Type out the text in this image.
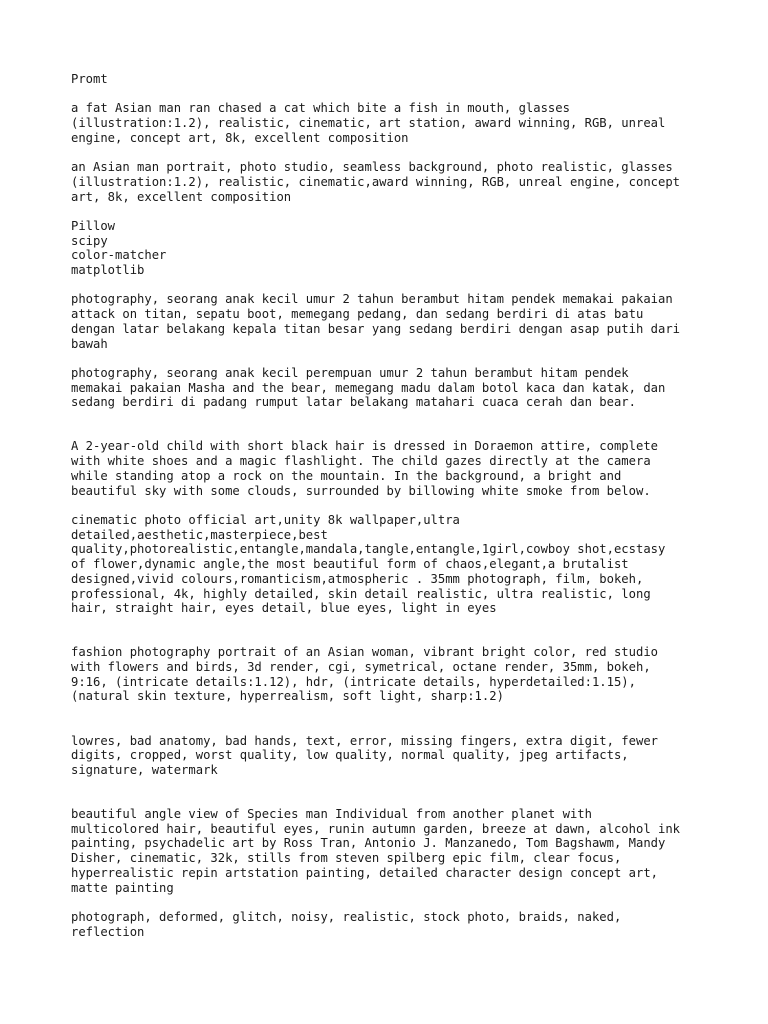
Promt
a fat Asian man ran chased a cat which bite a fish in mouth, glasses
(illustration:1.2), realistic, cinematic, art station, award winning, RGB, unreal
engine, concept art, 8k, excellent composition
an Asian man portrait, photo studio, seamless background, photo realistic, glasses
(illustration:1.2), realistic, cinematic,award winning, RGB, unreal engine, concept
art, 8k, excellent composition
Pillow
scipy
color-matcher
matplotlib
photography, seorang anak kecil umur 2 tahun berambut hitam pendek memakai pakaian
attack on titan, sepatu boot, memegang pedang, dan sedang berdiri di atas batu
dengan latar belakang kepala titan besar yang sedang berdiri dengan asap putih dari
bawah
photography, seorang anak kecil perempuan umur 2 tahun berambut hitam pendek
memakai pakaian Masha and the bear, memegang madu dalam botol kaca dan katak, dan
sedang berdiri di padang rumput latar belakang matahari cuaca cerah dan bear.
A 2-year-old child with short black hair is dressed in Doraemon attire, complete
with white shoes and a magic flashlight. The child gazes directly at the camera
while standing atop a rock on the mountain. In the background, a bright and
beautiful sky with some clouds, surrounded by billowing white smoke from below.
cinematic photo official art,unity 8k wallpaper,ultra
detailed,aesthetic,masterpiece,best
quality,photorealistic,entangle,mandala,tangle,entangle,1girl,cowboy shot,ecstasy
of flower,dynamic angle,the most beautiful form of chaos,elegant,a brutalist
designed,vivid colours,romanticism,atmospheric . 35mm photograph, film, bokeh,
professional, 4k, highly detailed, skin detail realistic, ultra realistic, long
hair, straight hair, eyes detail, blue eyes, light in eyes
fashion photography portrait of an Asian woman, vibrant bright color, red studio
with flowers and birds, 3d render, cgi, symetrical, octane render, 35mm, bokeh,
9:16, (intricate details:1.12), hdr, (intricate details, hyperdetailed:1.15),
(natural skin texture, hyperrealism, soft light, sharp:1.2)
lowres, bad anatomy, bad hands, text, error, missing fingers, extra digit, fewer
digits, cropped, worst quality, low quality, normal quality, jpeg artifacts,
signature, watermark
beautiful angle view of Species man Individual from another planet with
multicolored hair, beautiful eyes, runin autumn garden, breeze at dawn, alcohol ink
painting, psychadelic art by Ross Tran, Antonio J. Manzanedo, Tom Bagshawm, Mandy
Disher, cinematic, 32k, stills from steven spilberg epic film, clear focus,
hyperrealistic repin artstation painting, detailed character design concept art,
matte painting
photograph, deformed, glitch, noisy, realistic, stock photo, braids, naked,
reflection
